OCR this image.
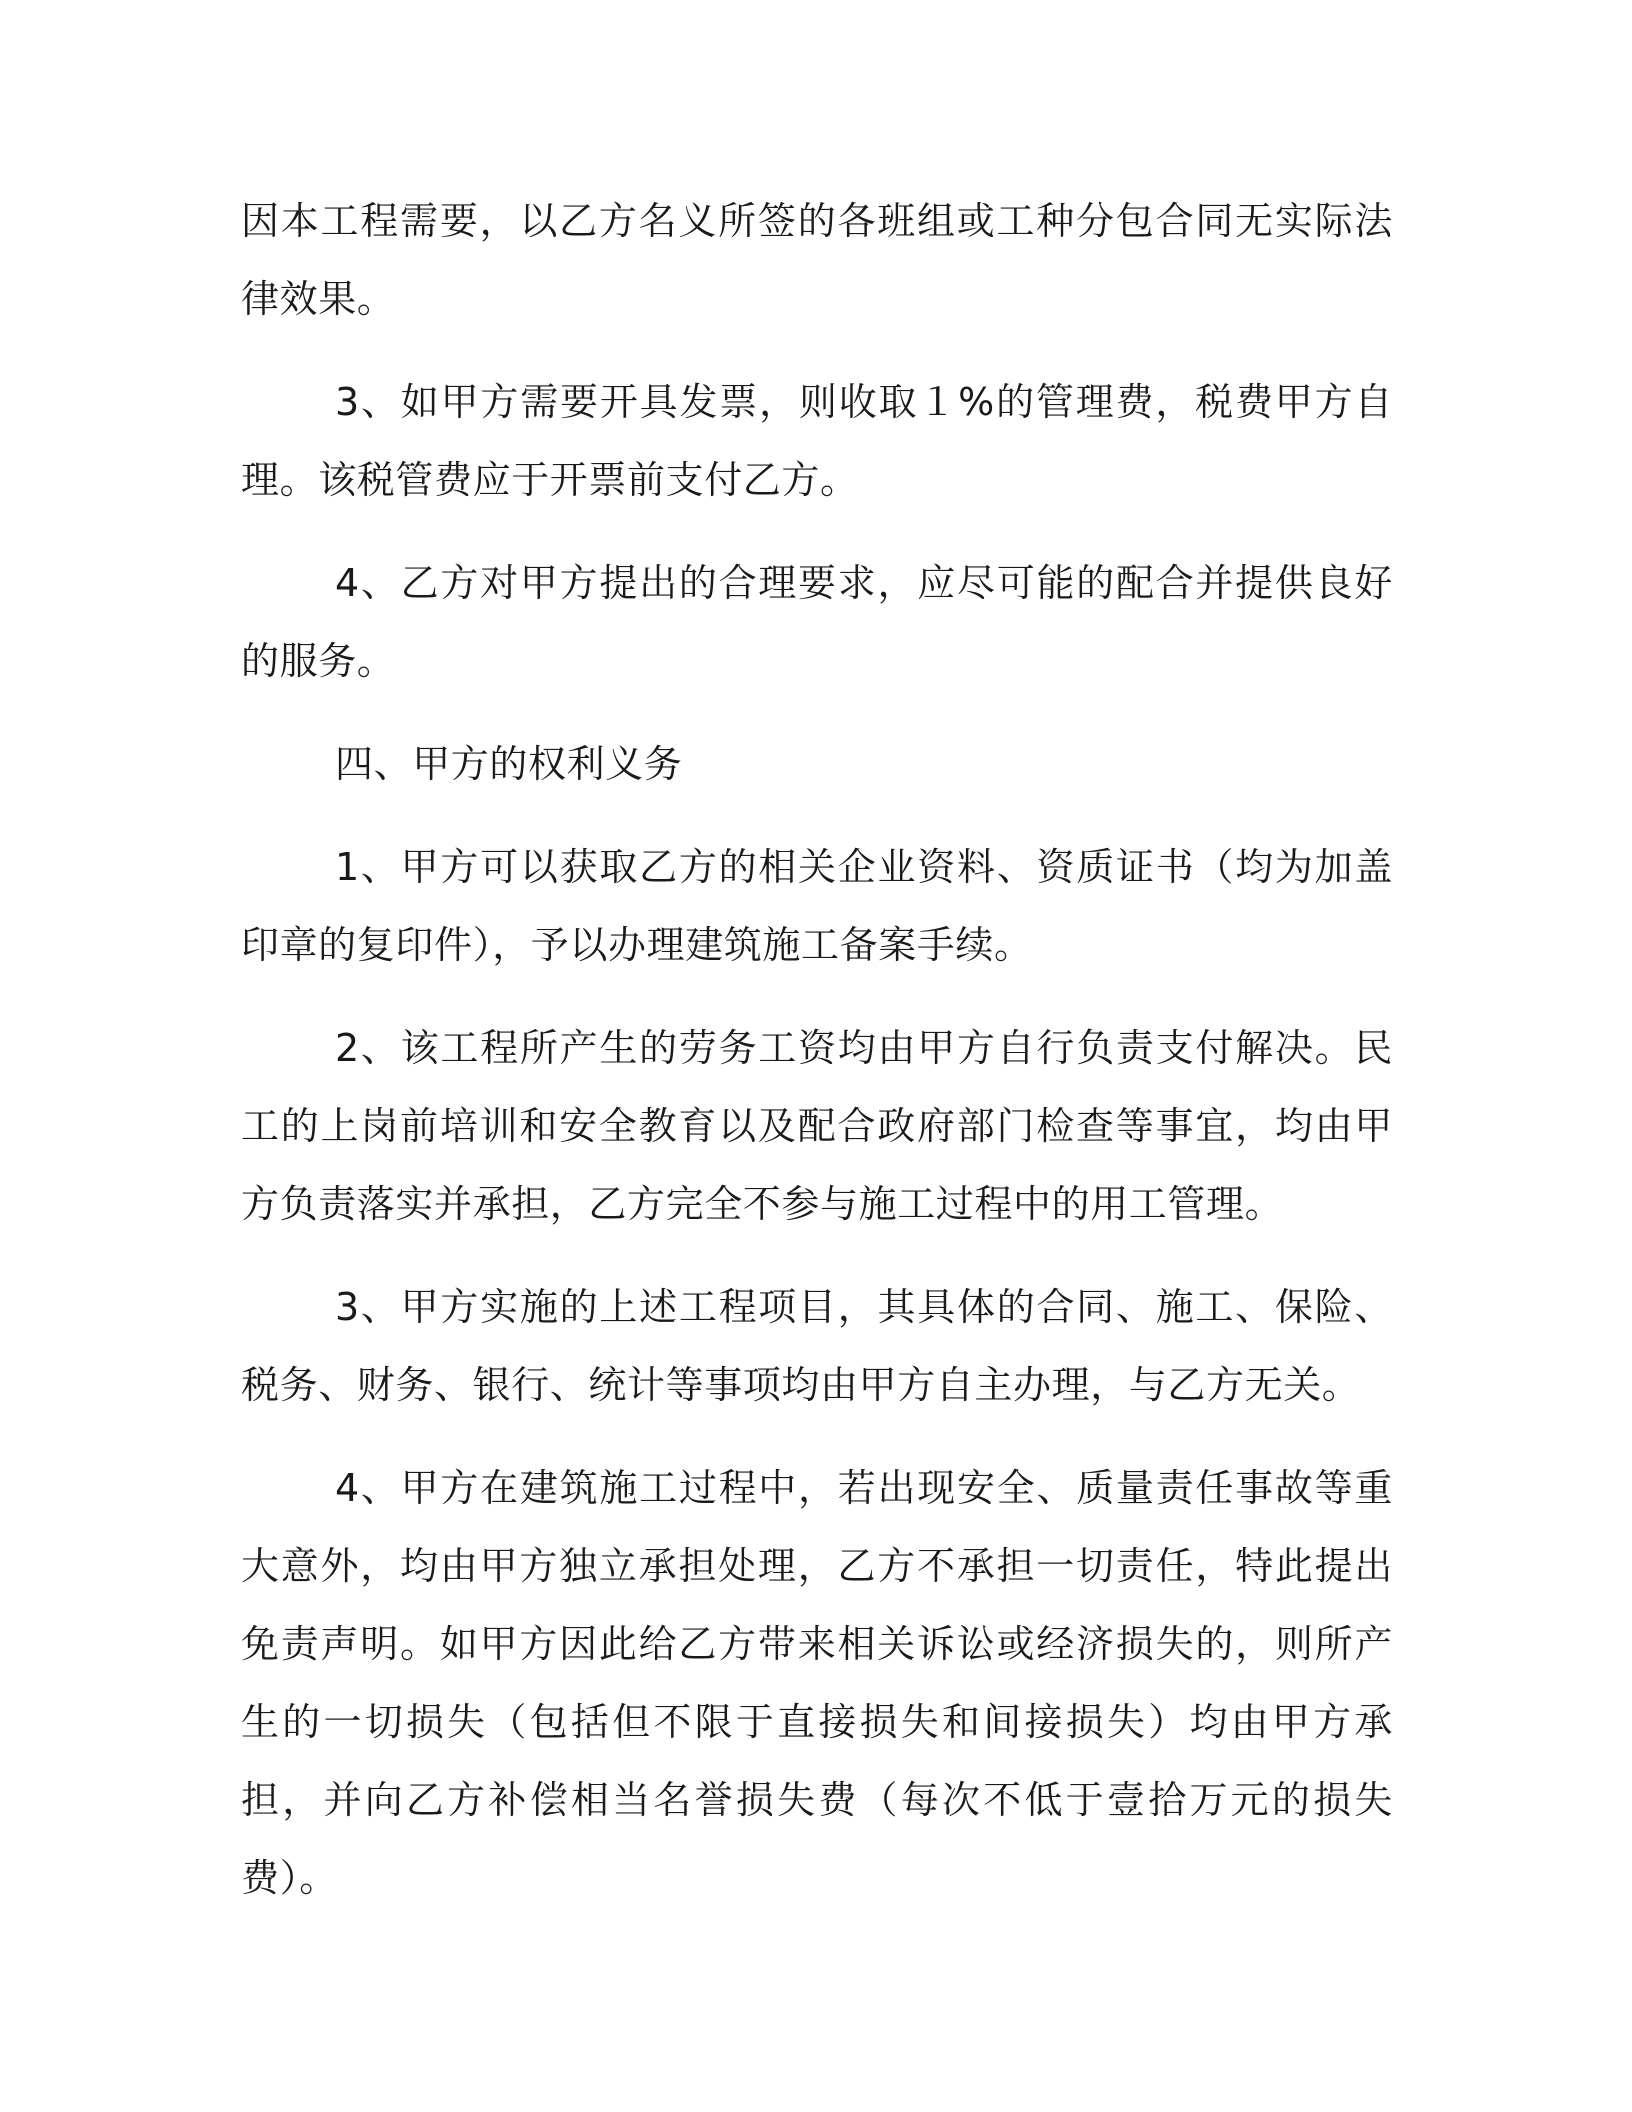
因本工程需要，以乙方名义所签的各班组或工种分包合同无实际法律效果。

3、如甲方需要开具发票，则收取１%的管理费，税费甲方自理。该税管费应于开票前支付乙方。

4、乙方对甲方提出的合理要求，应尽可能的配合并提供良好的服务。

四、甲方的权利义务

1、甲方可以获取乙方的相关企业资料、资质证书（均为加盖印章的复印件），予以办理建筑施工备案手续。

2、该工程所产生的劳务工资均由甲方自行负责支付解决。民工的上岗前培训和安全教育以及配合政府部门检查等事宜，均由甲方负责落实并承担，乙方完全不参与施工过程中的用工管理。

3、甲方实施的上述工程项目，其具体的合同、施工、保险、税务、财务、银行、统计等事项均由甲方自主办理，与乙方无关。

4、甲方在建筑施工过程中，若出现安全、质量责任事故等重大意外，均由甲方独立承担处理，乙方不承担一切责任，特此提出免责声明。如甲方因此给乙方带来相关诉讼或经济损失的，则所产生的一切损失（包括但不限于直接损失和间接损失）均由甲方承担，并向乙方补偿相当名誉损失费（每次不低于壹拾万元的损失费）。
